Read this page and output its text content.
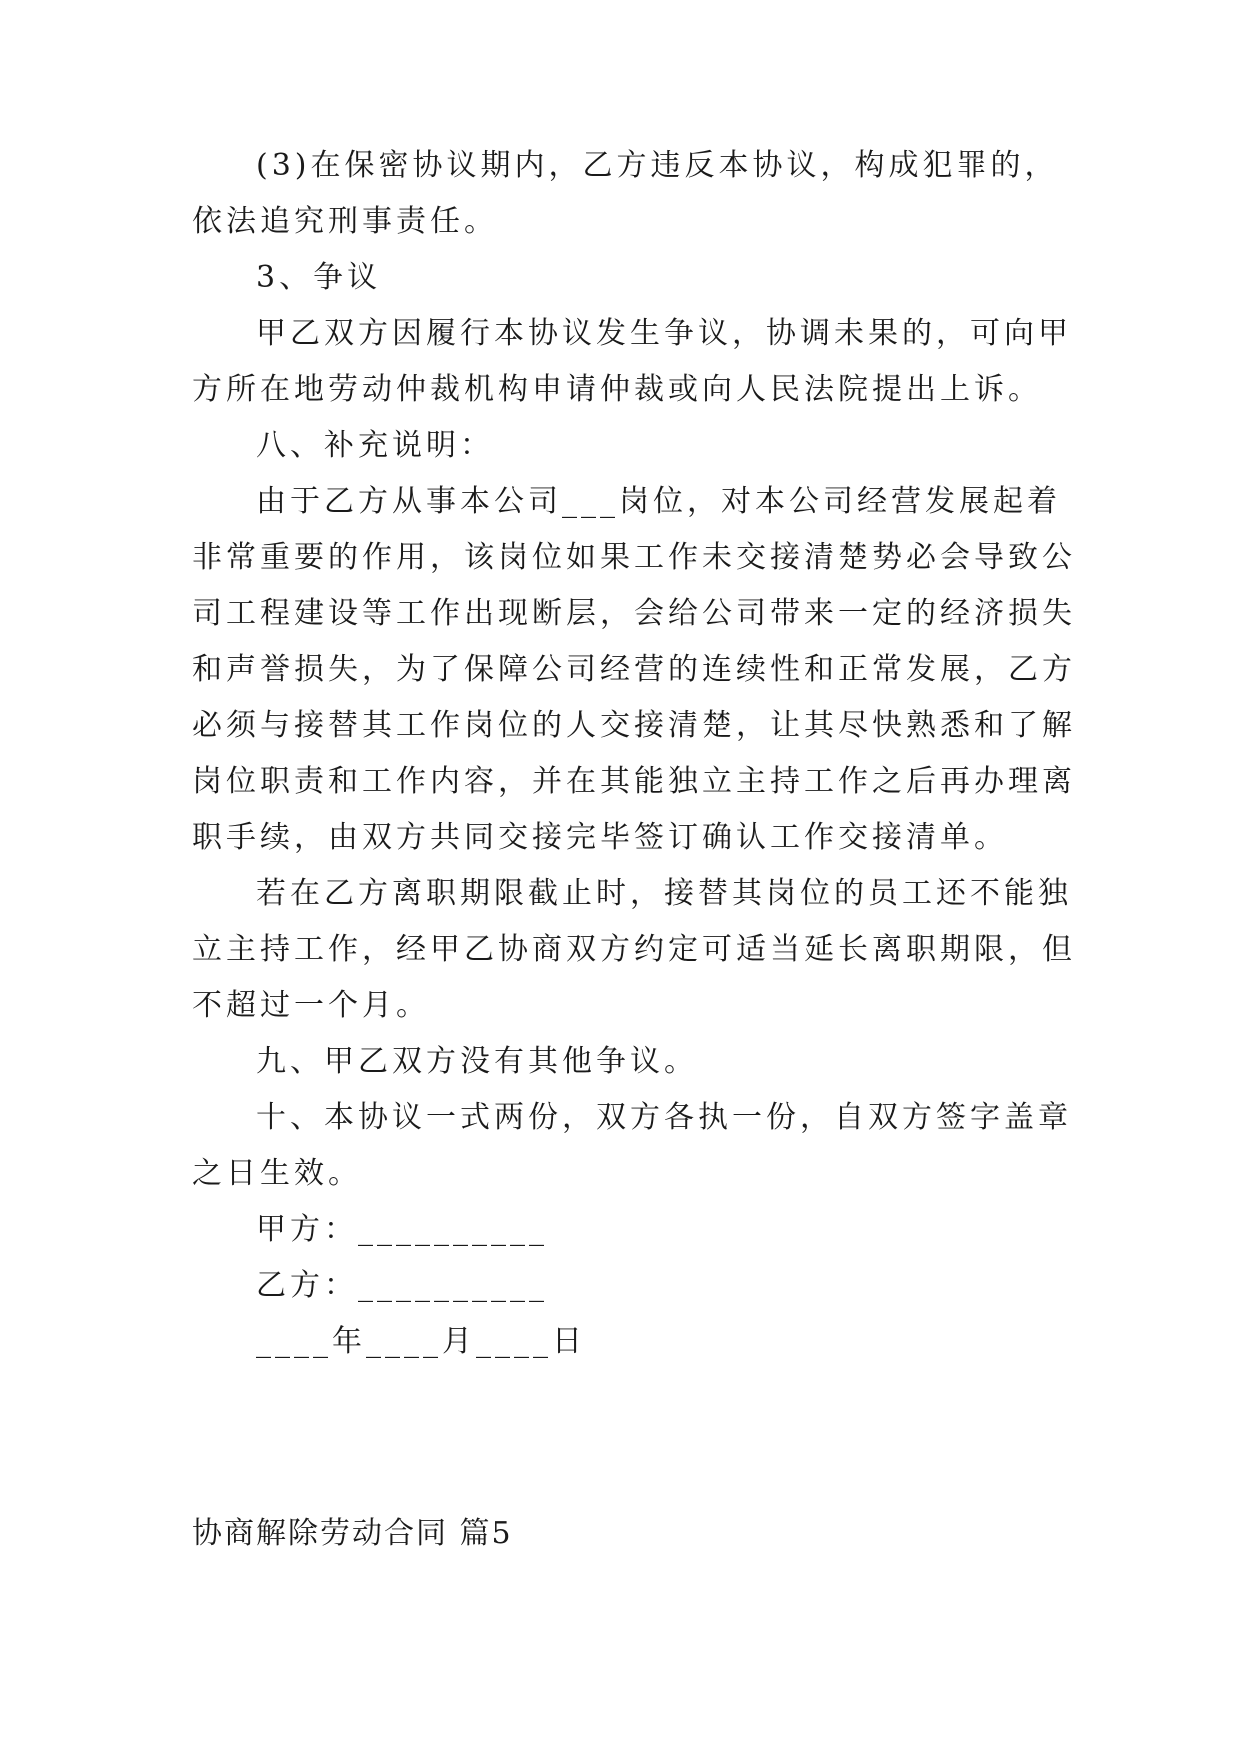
(3)在保密协议期内，乙方违反本协议，构成犯罪的，
依法追究刑事责任。
3、争议
甲乙双方因履行本协议发生争议，协调未果的，可向甲
方所在地劳动仲裁机构申请仲裁或向人民法院提出上诉。
八、补充说明：
由于乙方从事本公司___岗位，对本公司经营发展起着
非常重要的作用，该岗位如果工作未交接清楚势必会导致公
司工程建设等工作出现断层，会给公司带来一定的经济损失
和声誉损失，为了保障公司经营的连续性和正常发展，乙方
必须与接替其工作岗位的人交接清楚，让其尽快熟悉和了解
岗位职责和工作内容，并在其能独立主持工作之后再办理离
职手续，由双方共同交接完毕签订确认工作交接清单。
若在乙方离职期限截止时，接替其岗位的员工还不能独
立主持工作，经甲乙协商双方约定可适当延长离职期限，但
不超过一个月。
九、甲乙双方没有其他争议。
十、本协议一式两份，双方各执一份，自双方签字盖章
之日生效。
甲方：__________
乙方：__________
____年____月____日
协商解除劳动合同 篇5
